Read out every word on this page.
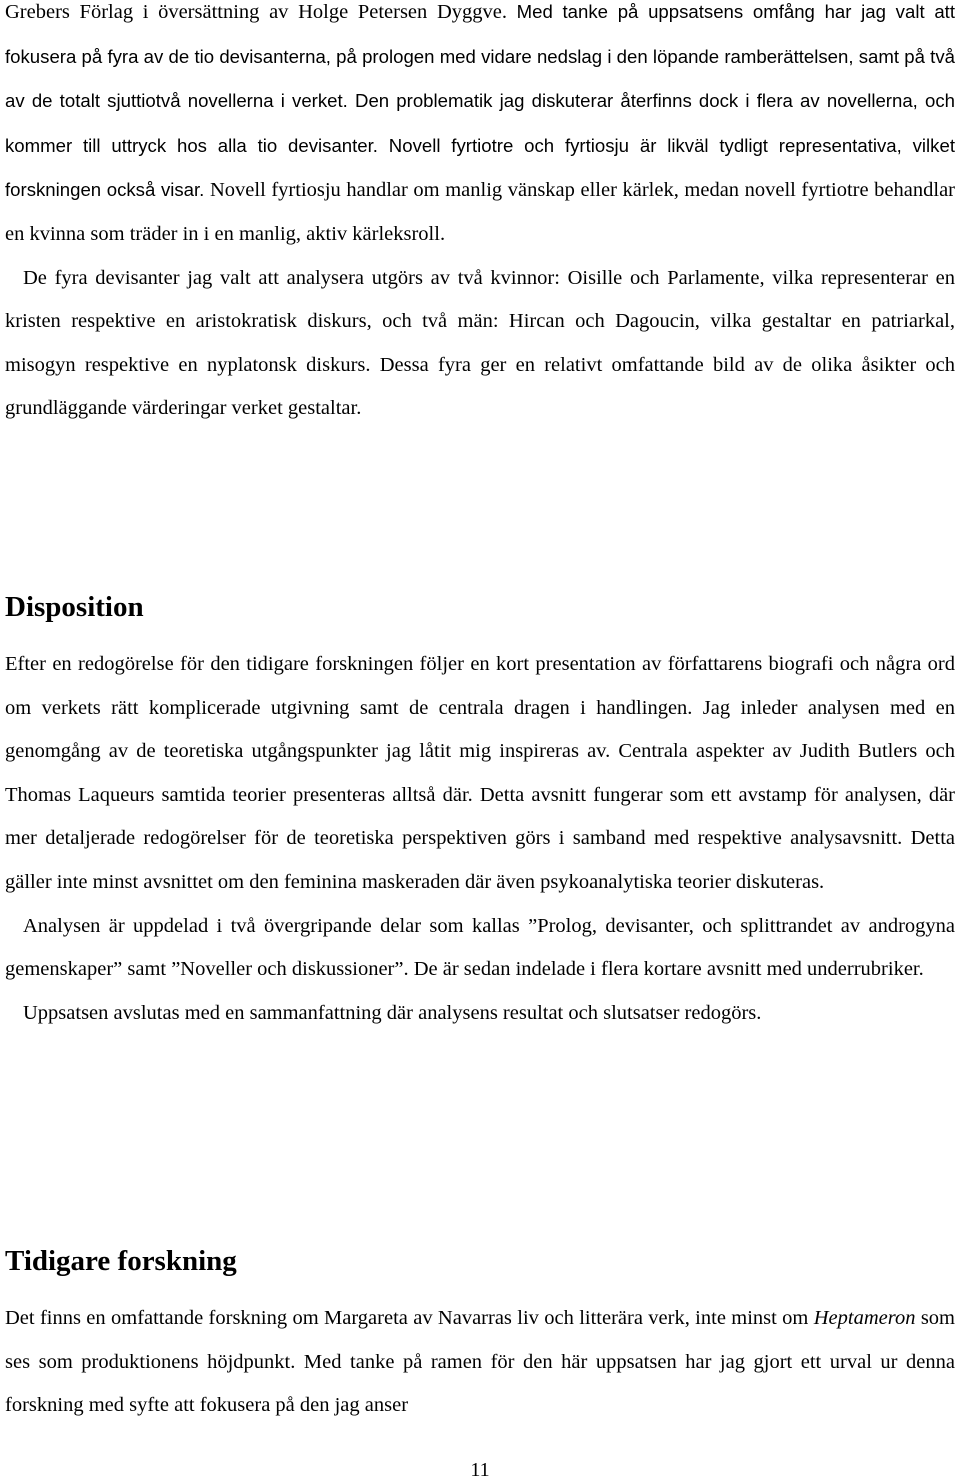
Grebers Förlag i översättning av Holge Petersen Dyggve. Med tanke på uppsatsens omfång har jag valt att fokusera på fyra av de tio devisanterna, på prologen med vidare nedslag i den löpande ramberättelsen, samt på två av de totalt sjuttiotvå novellerna i verket. Den problematik jag diskuterar återfinns dock i flera av novellerna, och kommer till uttryck hos alla tio devisanter. Novell fyrtiotre och fyrtiosju är likväl tydligt representativa, vilket forskningen också visar. Novell fyrtiosju handlar om manlig vänskap eller kärlek, medan novell fyrtiotre behandlar en kvinna som träder in i en manlig, aktiv kärleksroll.
De fyra devisanter jag valt att analysera utgörs av två kvinnor: Oisille och Parlamente, vilka representerar en kristen respektive en aristokratisk diskurs, och två män: Hircan och Dagoucin, vilka gestaltar en patriarkal, misogyn respektive en nyplatonsk diskurs. Dessa fyra ger en relativt omfattande bild av de olika åsikter och grundläggande värderingar verket gestaltar.

Disposition

Efter en redogörelse för den tidigare forskningen följer en kort presentation av författarens biografi och några ord om verkets rätt komplicerade utgivning samt de centrala dragen i handlingen. Jag inleder analysen med en genomgång av de teoretiska utgångspunkter jag låtit mig inspireras av. Centrala aspekter av Judith Butlers och Thomas Laqueurs samtida teorier presenteras alltså där. Detta avsnitt fungerar som ett avstamp för analysen, där mer detaljerade redogörelser för de teoretiska perspektiven görs i samband med respektive analysavsnitt. Detta gäller inte minst avsnittet om den feminina maskeraden där även psykoanalytiska teorier diskuteras.

Analysen är uppdelad i två övergripande delar som kallas ”Prolog, devisanter, och splittrandet av androgyna gemenskaper” samt ”Noveller och diskussioner”. De är sedan indelade i flera kortare avsnitt med underrubriker.

Uppsatsen avslutas med en sammanfattning där analysens resultat och slutsatser redogörs.

Tidigare forskning

Det finns en omfattande forskning om Margareta av Navarras liv och litterära verk, inte minst om Heptameron som ses som produktionens höjdpunkt. Med tanke på ramen för den här uppsatsen har jag gjort ett urval ur denna forskning med syfte att fokusera på den jag anser

11
